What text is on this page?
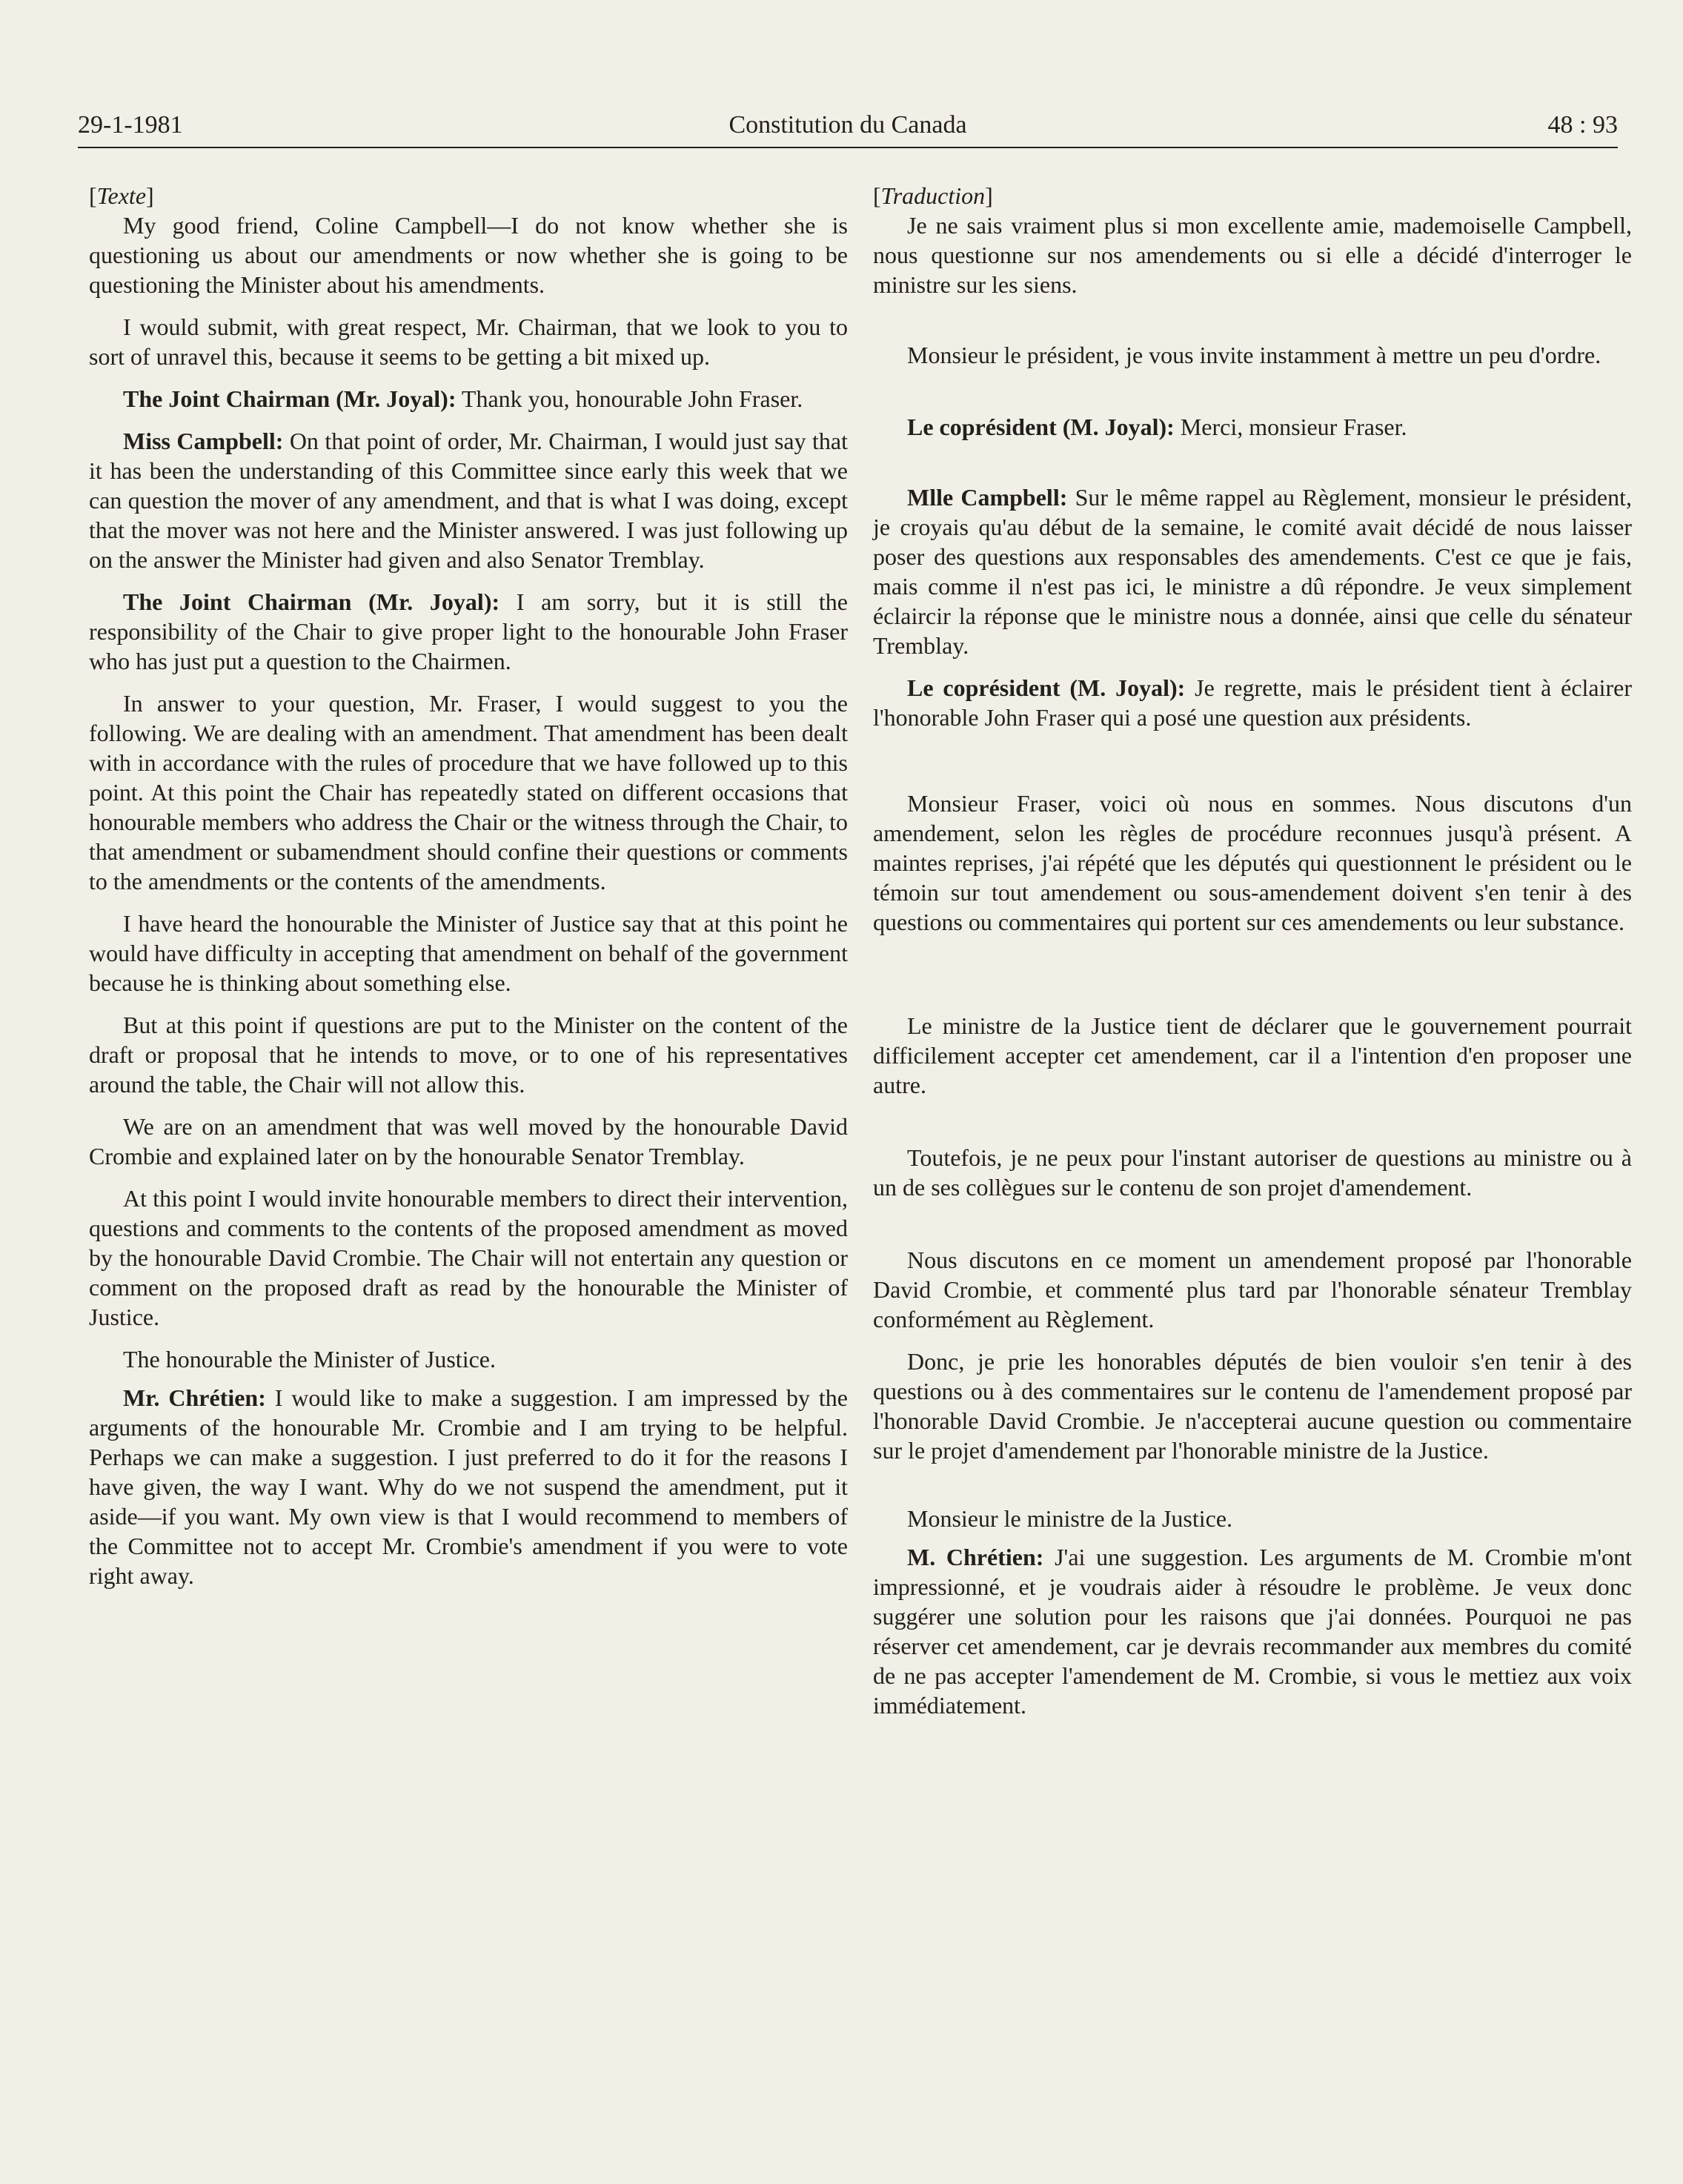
29-1-1981	Constitution du Canada	48 : 93

[Texte]

My good friend, Coline Campbell—I do not know whether she is questioning us about our amendments or now whether she is going to be questioning the Minister about his amendments.

I would submit, with great respect, Mr. Chairman, that we look to you to sort of unravel this, because it seems to be getting a bit mixed up.

The Joint Chairman (Mr. Joyal): Thank you, honourable John Fraser.

Miss Campbell: On that point of order, Mr. Chairman, I would just say that it has been the understanding of this Committee since early this week that we can question the mover of any amendment, and that is what I was doing, except that the mover was not here and the Minister answered. I was just following up on the answer the Minister had given and also Senator Tremblay.

The Joint Chairman (Mr. Joyal): I am sorry, but it is still the responsibility of the Chair to give proper light to the honourable John Fraser who has just put a question to the Chairmen.

In answer to your question, Mr. Fraser, I would suggest to you the following. We are dealing with an amendment. That amendment has been dealt with in accordance with the rules of procedure that we have followed up to this point. At this point the Chair has repeatedly stated on different occasions that honourable members who address the Chair or the witness through the Chair, to that amendment or subamendment should confine their questions or comments to the amendments or the contents of the amendments.

I have heard the honourable the Minister of Justice say that at this point he would have difficulty in accepting that amendment on behalf of the government because he is thinking about something else.

But at this point if questions are put to the Minister on the content of the draft or proposal that he intends to move, or to one of his representatives around the table, the Chair will not allow this.

We are on an amendment that was well moved by the honourable David Crombie and explained later on by the honourable Senator Tremblay.

At this point I would invite honourable members to direct their intervention, questions and comments to the contents of the proposed amendment as moved by the honourable David Crombie. The Chair will not entertain any question or comment on the proposed draft as read by the honourable the Minister of Justice.

The honourable the Minister of Justice.

Mr. Chrétien: I would like to make a suggestion. I am impressed by the arguments of the honourable Mr. Crombie and I am trying to be helpful. Perhaps we can make a suggestion. I just preferred to do it for the reasons I have given, the way I want. Why do we not suspend the amendment, put it aside—if you want. My own view is that I would recommend to members of the Committee not to accept Mr. Crombie's amendment if you were to vote right away.

[Traduction]

Je ne sais vraiment plus si mon excellente amie, mademoiselle Campbell, nous questionne sur nos amendements ou si elle a décidé d'interroger le ministre sur les siens.

Monsieur le président, je vous invite instamment à mettre un peu d'ordre.

Le coprésident (M. Joyal): Merci, monsieur Fraser.

Mlle Campbell: Sur le même rappel au Règlement, monsieur le président, je croyais qu'au début de la semaine, le comité avait décidé de nous laisser poser des questions aux responsables des amendements. C'est ce que je fais, mais comme il n'est pas ici, le ministre a dû répondre. Je veux simplement éclaircir la réponse que le ministre nous a donnée, ainsi que celle du sénateur Tremblay.

Le coprésident (M. Joyal): Je regrette, mais le président tient à éclairer l'honorable John Fraser qui a posé une question aux présidents.

Monsieur Fraser, voici où nous en sommes. Nous discutons d'un amendement, selon les règles de procédure reconnues jusqu'à présent. A maintes reprises, j'ai répété que les députés qui questionnent le président ou le témoin sur tout amendement ou sous-amendement doivent s'en tenir à des questions ou commentaires qui portent sur ces amendements ou leur substance.

Le ministre de la Justice tient de déclarer que le gouvernement pourrait difficilement accepter cet amendement, car il a l'intention d'en proposer une autre.

Toutefois, je ne peux pour l'instant autoriser de questions au ministre ou à un de ses collègues sur le contenu de son projet d'amendement.

Nous discutons en ce moment un amendement proposé par l'honorable David Crombie, et commenté plus tard par l'honorable sénateur Tremblay conformément au Règlement.

Donc, je prie les honorables députés de bien vouloir s'en tenir à des questions ou à des commentaires sur le contenu de l'amendement proposé par l'honorable David Crombie. Je n'accepterai aucune question ou commentaire sur le projet d'amendement par l'honorable ministre de la Justice.

Monsieur le ministre de la Justice.

M. Chrétien: J'ai une suggestion. Les arguments de M. Crombie m'ont impressionné, et je voudrais aider à résoudre le problème. Je veux donc suggérer une solution pour les raisons que j'ai données. Pourquoi ne pas réserver cet amendement, car je devrais recommander aux membres du comité de ne pas accepter l'amendement de M. Crombie, si vous le mettiez aux voix immédiatement.
